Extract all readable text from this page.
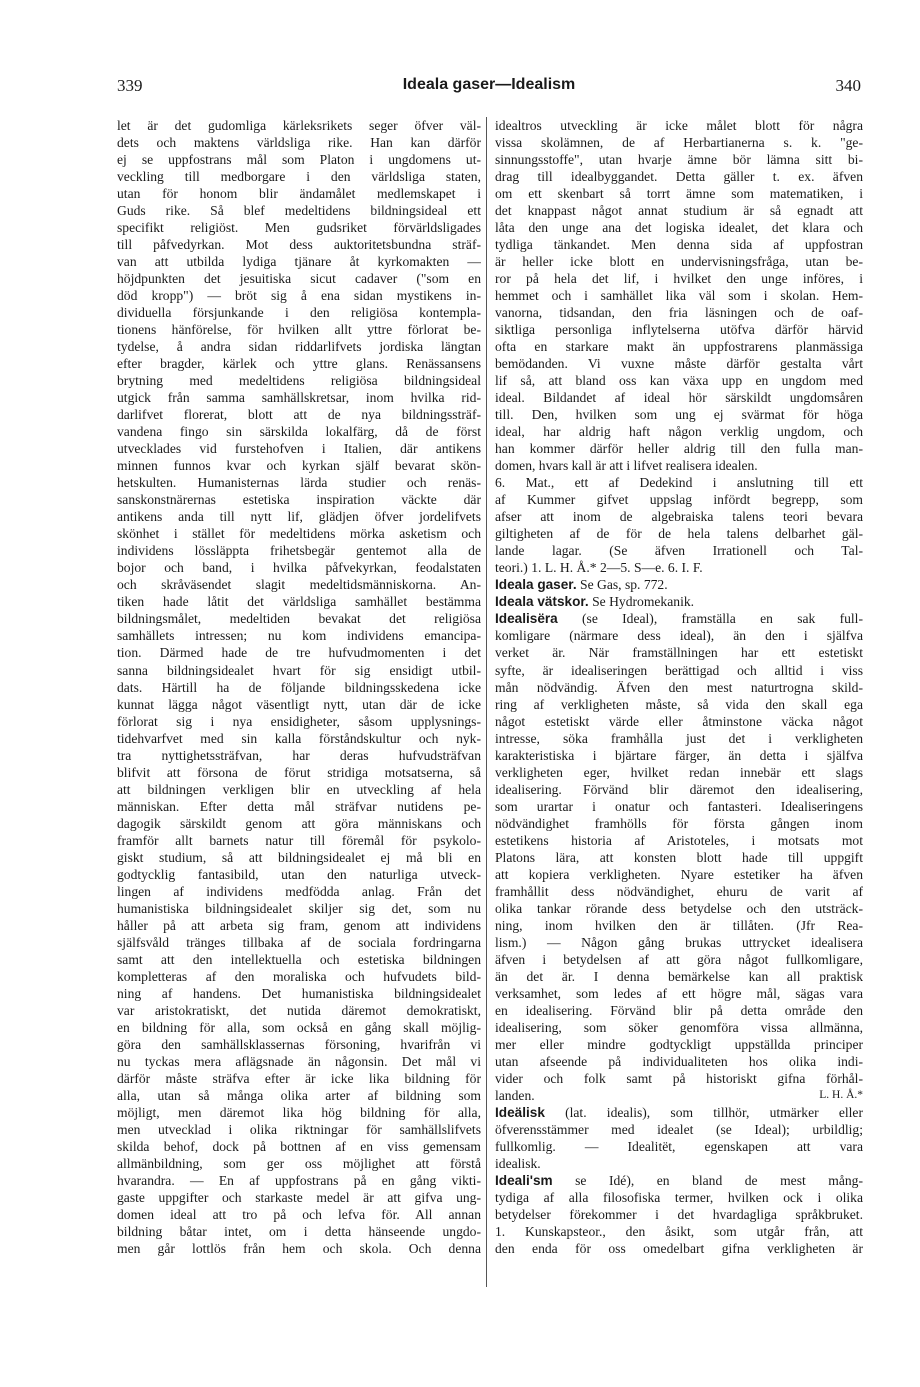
339	Ideala gaser—Idealism	340
let är det gudomliga kärleksrikets seger öfver väl-
dets och maktens världsliga rike. Han kan därför
ej se uppfostrans mål som Platon i ungdomens ut-
veckling till medborgare i den världsliga staten,
utan för honom blir ändamålet medlemskapet i
Guds rike. Så blef medeltidens bildningsideal ett
specifikt religiöst. Men gudsriket förvärldsligades
till påfvedyrkan. Mot dess auktoritetsbundna sträf-
van att utbilda lydiga tjänare åt kyrkomakten —
höjdpunkten det jesuitiska sicut cadaver ("som en
död kropp") — bröt sig å ena sidan mystikens in-
dividuella försjunkande i den religiösa kontempla-
tionens hänförelse, för hvilken allt yttre förlorat be-
tydelse, å andra sidan riddarlifvets jordiska längtan
efter bragder, kärlek och yttre glans. Renässansens
brytning med medeltidens religiösa bildningsideal
utgick från samma samhällskretsar, inom hvilka rid-
darlifvet florerat, blott att de nya bildningssträf-
vandena fingo sin särskilda lokalfärg, då de först
utvecklades vid furstehofven i Italien, där antikens
minnen funnos kvar och kyrkan själf bevarat skön-
hetskulten. Humanisternas lärda studier och renäs-
sanskonstnärernas estetiska inspiration väckte där
antikens anda till nytt lif, glädjen öfver jordelifvets
skönhet i stället för medeltidens mörka asketism och
individens lössläppta frihetsbegär gentemot alla de
bojor och band, i hvilka påfvekyrkan, feodalstaten
och skråväsendet slagit medeltidsmänniskorna. An-
tiken hade låtit det världsliga samhället bestämma
bildningsmålet, medeltiden bevakat det religiösa
samhällets intressen; nu kom individens emancipa-
tion. Därmed hade de tre hufvudmomenten i det
sanna bildningsidealet hvart för sig ensidigt utbil-
dats. Härtill ha de följande bildningsskedena icke
kunnat lägga något väsentligt nytt, utan där de icke
förlorat sig i nya ensidigheter, såsom upplysnings-
tidehvarfvet med sin kalla förståndskultur och nyk-
tra nyttighetssträfvan, har deras hufvudsträfvan
blifvit att försona de förut stridiga motsatserna, så
att bildningen verkligen blir en utveckling af hela
människan. Efter detta mål sträfvar nutidens pe-
dagogik särskildt genom att göra människans och
framför allt barnets natur till föremål för psykolo-
giskt studium, så att bildningsidealet ej må bli en
godtycklig fantasibild, utan den naturliga utveck-
lingen af individens medfödda anlag. Från det
humanistiska bildningsidealet skiljer sig det, som nu
håller på att arbeta sig fram, genom att individens
själfsvåld tränges tillbaka af de sociala fordringarna
samt att den intellektuella och estetiska bildningen
kompletteras af den moraliska och hufvudets bild-
ning af handens. Det humanistiska bildningsidealet
var aristokratiskt, det nutida däremot demokratiskt,
en bildning för alla, som också en gång skall möjlig-
göra den samhällsklassernas försoning, hvarifrån vi
nu tyckas mera aflägsnade än någonsin. Det mål vi
därför måste sträfva efter är icke lika bildning för
alla, utan så många olika arter af bildning som
möjligt, men däremot lika hög bildning för alla,
men utvecklad i olika riktningar för samhällslifvets
skilda behof, dock på bottnen af en viss gemensam
allmänbildning, som ger oss möjlighet att förstå
hvarandra. — En af uppfostrans på en gång vikti-
gaste uppgifter och starkaste medel är att gifva ung-
domen ideal att tro på och lefva för. All annan
bildning båtar intet, om i detta hänseende ungdo-
men går lottlös från hem och skola. Och denna
idealtros utveckling är icke målet blott för några
vissa skolämnen, de af Herbartianerna s. k. "ge-
sinnungsstoffe", utan hvarje ämne bör lämna sitt bi-
drag till idealbyggandet. Detta gäller t. ex. äfven
om ett skenbart så torrt ämne som matematiken, i
det knappast något annat studium är så egnadt att
låta den unge ana det logiska idealet, det klara och
tydliga tänkandet. Men denna sida af uppfostran
är heller icke blott en undervisningsfråga, utan be-
ror på hela det lif, i hvilket den unge införes, i
hemmet och i samhället lika väl som i skolan. Hem-
vanorna, tidsandan, den fria läsningen och de oaf-
siktliga personliga inflytelserna utöfva därför härvid
ofta en starkare makt än uppfostrarens planmässiga
bemödanden. Vi vuxne måste därför gestalta vårt
lif så, att bland oss kan växa upp en ungdom med
ideal. Bildandet af ideal hör särskildt ungdomsåren
till. Den, hvilken som ung ej svärmat för höga
ideal, har aldrig haft någon verklig ungdom, och
han kommer därför heller aldrig till den fulla man-
domen, hvars kall är att i lifvet realisera idealen.
6. Mat., ett af Dedekind i anslutning till ett
af Kummer gifvet uppslag infördt begrepp, som
afser att inom de algebraiska talens teori bevara
giltigheten af de för de hela talens delbarhet gäl-
lande lagar. (Se äfven Irrationell och Tal-
teori.) 1. L. H. Å.* 2—5. S—e. 6. I. F.
Ideala gaser. Se Gas, sp. 772.
Ideala vätskor. Se Hydromekanik.
Idealisëra (se Ideal), framställa en sak full-
komligare (närmare dess ideal), än den i själfva
verket är. När framställningen har ett estetiskt
syfte, är idealiseringen berättigad och alltid i viss
mån nödvändig. Äfven den mest naturtrogna skild-
ring af verkligheten måste, så vida den skall ega
något estetiskt värde eller åtminstone väcka något
intresse, söka framhålla just det i verkligheten
karakteristiska i bjärtare färger, än detta i själfva
verkligheten eger, hvilket redan innebär ett slags
idealisering. Förvänd blir däremot den idealisering,
som urartar i onatur och fantasteri. Idealiseringens
nödvändighet framhölls för första gången inom
estetikens historia af Aristoteles, i motsats mot
Platons lära, att konsten blott hade till uppgift
att kopiera verkligheten. Nyare estetiker ha äfven
framhållit dess nödvändighet, ehuru de varit af
olika tankar rörande dess betydelse och den utsträck-
ning, inom hvilken den är tillåten. (Jfr Rea-
lism.) — Någon gång brukas uttrycket idealisera
äfven i betydelsen af att göra något fullkomligare,
än det är. I denna bemärkelse kan all praktisk
verksamhet, som ledes af ett högre mål, sägas vara
en idealisering. Förvänd blir på detta område den
idealisering, som söker genomföra vissa allmänna,
mer eller mindre godtyckligt uppställda principer
utan afseende på individualiteten hos olika indi-
vider och folk samt på historiskt gifna förhål-
landen.	L. H. Å.*
Ideälisk (lat. idealis), som tillhör, utmärker eller
öfverensstämmer med idealet (se Ideal); urbildlig;
fullkomlig. — Idealitët, egenskapen att vara
idealisk.
Ideali'sm se Idé), en bland de mest mång-
tydiga af alla filosofiska termer, hvilken ock i olika
betydelser förekommer i det hvardagliga språkbruket.
1. Kunskapsteor., den åsikt, som utgår från, att
den enda för oss omedelbart gifna verkligheten är
